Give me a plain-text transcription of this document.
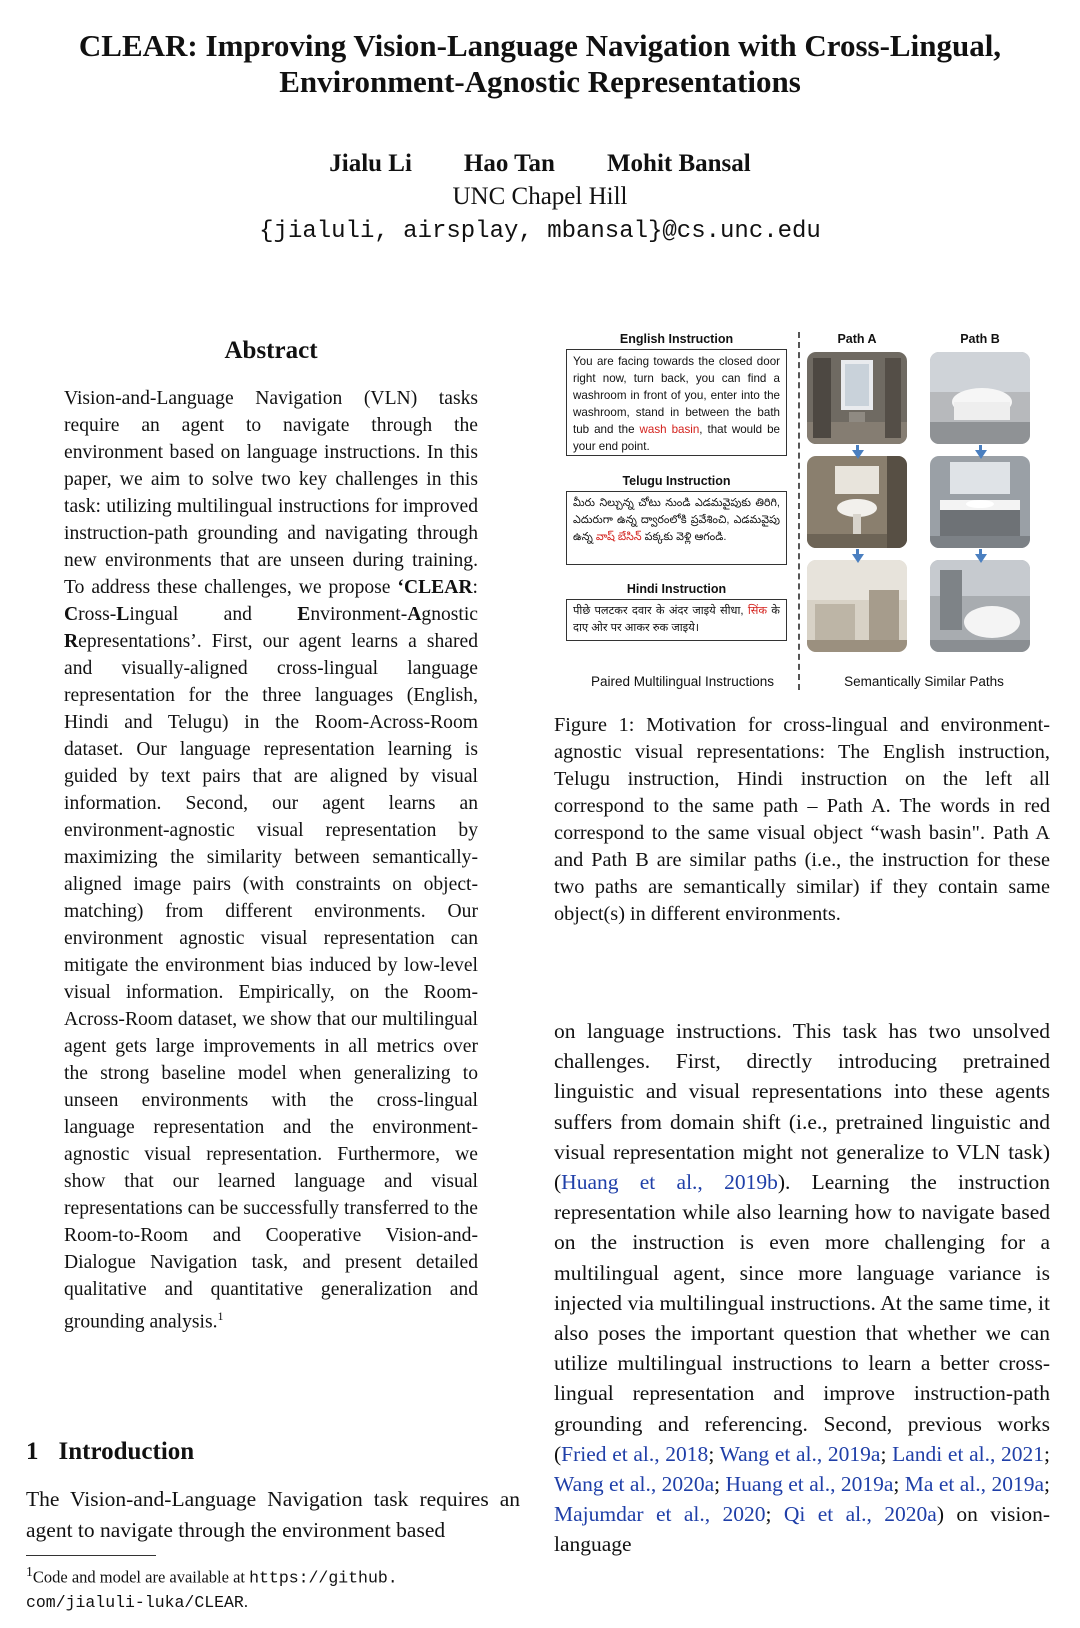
CLEAR: Improving Vision-Language Navigation with Cross-Lingual,
Environment-Agnostic Representations
Jialu Li Hao Tan Mohit Bansal
UNC Chapel Hill
{jialuli, airsplay, mbansal}@cs.unc.edu
Abstract

Vision-and-Language Navigation (VLN) tasks require an agent to navigate through the environment based on language instructions. In this paper, we aim to solve two key challenges in this task: utilizing multilingual instructions for improved instruction-path grounding and navigating through new environments that are unseen during training. To address these challenges, we propose ‘CLEAR: Cross-Lingual and Environment-Agnostic Representations’. First, our agent learns a shared and visually-aligned cross-lingual language representation for the three languages (English, Hindi and Telugu) in the Room-Across-Room dataset. Our language representation learning is guided by text pairs that are aligned by visual information. Second, our agent learns an environment-agnostic visual representation by maximizing the similarity between semantically-aligned image pairs (with constraints on object-matching) from different environments. Our environment agnostic visual representation can mitigate the environment bias induced by low-level visual information. Empirically, on the Room-Across-Room dataset, we show that our multilingual agent gets large improvements in all metrics over the strong baseline model when generalizing to unseen environments with the cross-lingual language representation and the environment-agnostic visual representation. Furthermore, we show that our learned language and visual representations can be successfully transferred to the Room-to-Room and Cooperative Vision-and-Dialogue Navigation task, and present detailed qualitative and quantitative generalization and grounding analysis.$^1$

1 Introduction

The Vision-and-Language Navigation task requires an agent to navigate through the environment based

$^1$Code and model are available at https://github.
com/jialuli-luka/CLEAR.
English Instruction
You are facing towards the closed door right now, turn back, you can find a washroom in front of you, enter into the washroom, stand in between the bath tub and the wash basin, that would be your end point.
Telugu Instruction
మీరు నిల్చున్న చోటు నుండి ఎడమవైపుకు తిరిగి, ఎదురుగా ఉన్న ద్వారంలోకి ప్రవేశించి, ఎడమవైపు ఉన్న వాష్ బేసిన్ పక్కకు వెళ్లి ఆగండి.
Hindi Instruction
पीछे पलटकर दवार के अंदर जाइये सीधा, सिंक के दाए ओर पर आकर रुक जाइये।
Path A	Path B
Paired Multilingual Instructions	Semantically Similar Paths

Figure 1: Motivation for cross-lingual and environment-agnostic visual representations: The English instruction, Telugu instruction, Hindi instruction on the left all correspond to the same path – Path A. The words in red correspond to the same visual object “wash basin". Path A and Path B are similar paths (i.e., the instruction for these two paths are semantically similar) if they contain same object(s) in different environments.

on language instructions. This task has two unsolved challenges. First, directly introducing pretrained linguistic and visual representations into these agents suffers from domain shift (i.e., pretrained linguistic and visual representation might not generalize to VLN task) (Huang et al., 2019b). Learning the instruction representation while also learning how to navigate based on the instruction is even more challenging for a multilingual agent, since more language variance is injected via multilingual instructions. At the same time, it also poses the important question that whether we can utilize multilingual instructions to learn a better cross-lingual representation and improve instruction-path grounding and referencing. Second, previous works (Fried et al., 2018; Wang et al., 2019a; Landi et al., 2021; Wang et al., 2020a; Huang et al., 2019a; Ma et al., 2019a; Majumdar et al., 2020; Qi et al., 2020a) on vision-language
